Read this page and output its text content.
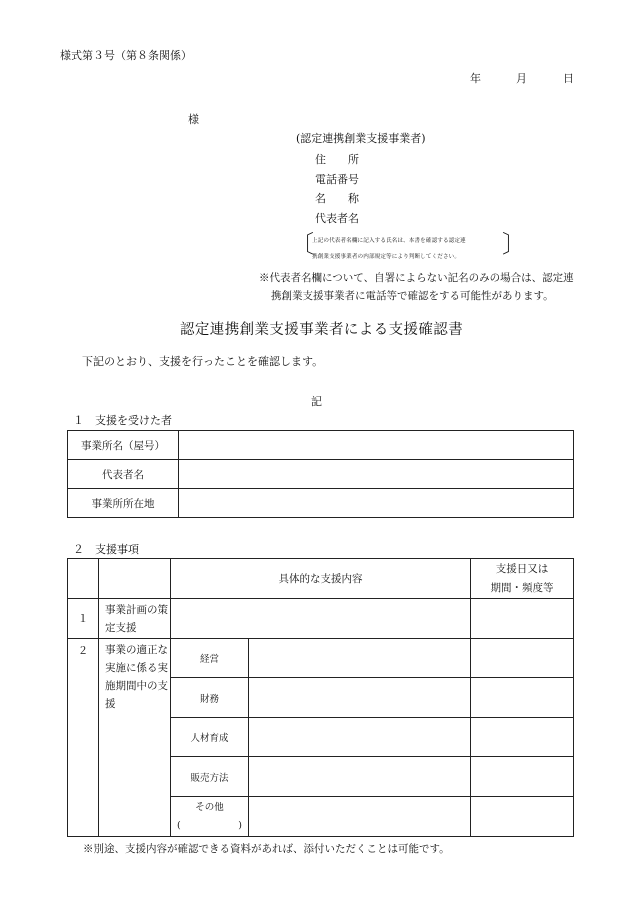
様式第３号（第８条関係）
年	月	日
様
(認定連携創業支援事業者)
住　　所
電話番号
名　　称
代表者名
〔
上記の代表者名欄に記入する氏名は、本書を確認する認定連
携創業支援事業者の内部規定等により判断してください。 〕
※代表者名欄について、自署によらない記名のみの場合は、認定連
携創業支援事業者に電話等で確認をする可能性があります。
認定連携創業支援事業者による支援確認書
下記のとおり、支援を行ったことを確認します。
記
１　支援を受けた者
事業所名（屋号）	
代表者名	
事業所所在地	
２　支援事項
		具体的な支援内容		支援日又は
期間・頻度等

１	事業計画の策定支援			
２	事業の適正な実施に係る実施期間中の支援	経営		
		財務		
		人材育成		
		販売方法		

		その他
( )		

※別途、支援内容が確認できる資料があれば、添付いただくことは可能です。
